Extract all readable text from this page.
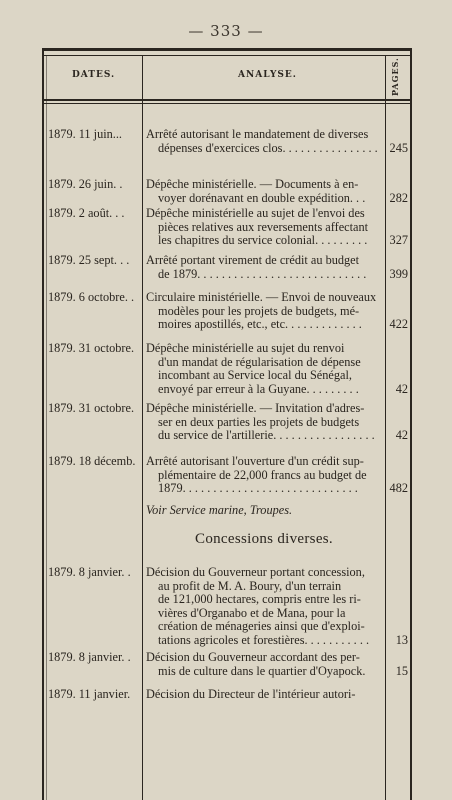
— 333 —
DATES.	ANALYSE.	PAGES.
1879. 11 juin...	Arrêté autorisant le mandatement de diverses
dépenses d'exercices clos. . . . . . . . . . . . . . . . 245
1879. 26 juin. .	Dépêche ministérielle. — Documents à en-
voyer dorénavant en double expédition. . .	282
1879. 2 août. . .	Dépêche ministérielle au sujet de l'envoi des
pièces relatives aux reversements affectant
les chapitres du service colonial. . . . . . . . .	327
1879. 25 sept. . .	Arrêté portant virement de crédit au budget
de 1879. . . . . . . . . . . . . . . . . . . . . . . . . . . .	399
1879. 6 octobre. . Circulaire ministérielle. — Envoi de nouveaux
modèles pour les projets de budgets, mé-
moires apostillés, etc., etc. . . . . . . . . . . . .	422
1879. 31 octobre. Dépêche ministérielle au sujet du renvoi
d'un mandat de régularisation de dépense
incombant au Service local du Sénégal,
envoyé par erreur à la Guyane. . . . . . . . .	42
1879. 31 octobre. Dépêche ministérielle. — Invitation d'adres-
ser en deux parties les projets de budgets
du service de l'artillerie. . . . . . . . . . . . . . . . .	42
1879. 18 décemb. Arrêté autorisant l'ouverture d'un crédit sup-
plémentaire de 22,000 francs au budget de
1879. . . . . . . . . . . . . . . . . . . . . . . . . . . . .	482
Voir Service marine, Troupes.
Concessions diverses.
1879. 8 janvier. .	Décision du Gouverneur portant concession,
au profit de M. A. Boury, d'un terrain
de 121,000 hectares, compris entre les ri-
vières d'Organabo et de Mana, pour la
création de ménageries ainsi que d'exploi-
tations agricoles et forestières. . . . . . . . . . .	13
1879. 8 janvier. .	Décision du Gouverneur accordant des per-
mis de culture dans le quartier d'Oyapock.	15
1879. 11 janvier.	Décision du Directeur de l'intérieur autori-
